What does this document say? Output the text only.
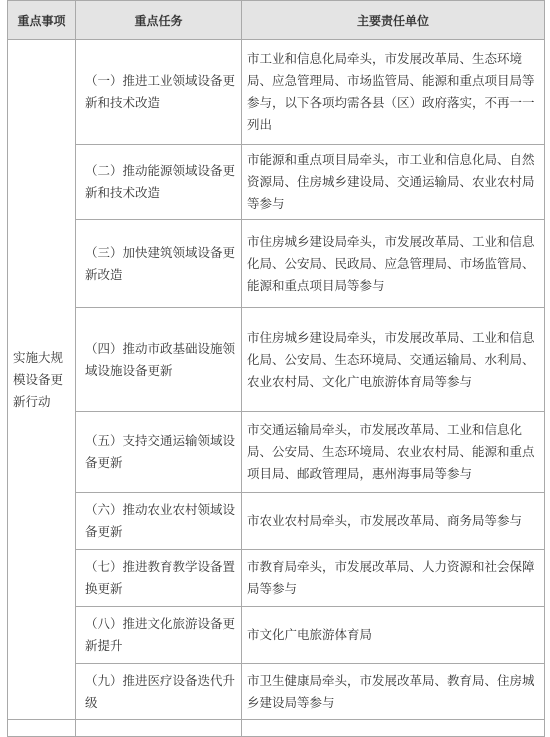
重点事项	重点任务	主要责任单位
实施大规模设备更新行动	（一）推进工业领域设备更新和技术改造	市工业和信息化局牵头，市发展改革局、生态环境局、应急管理局、市场监管局、能源和重点项目局等参与，以下各项均需各县（区）政府落实，不再一一列出
	（二）推动能源领域设备更新和技术改造	市能源和重点项目局牵头，市工业和信息化局、自然资源局、住房城乡建设局、交通运输局、农业农村局等参与
	（三）加快建筑领域设备更新改造	市住房城乡建设局牵头，市发展改革局、工业和信息化局、公安局、民政局、应急管理局、市场监管局、能源和重点项目局等参与
	（四）推动市政基础设施领域设施设备更新	市住房城乡建设局牵头，市发展改革局、工业和信息化局、公安局、生态环境局、交通运输局、水利局、农业农村局、文化广电旅游体育局等参与
	（五）支持交通运输领域设备更新	市交通运输局牵头，市发展改革局、工业和信息化局、公安局、生态环境局、农业农村局、能源和重点项目局、邮政管理局，惠州海事局等参与
	（六）推动农业农村领域设备更新	市农业农村局牵头，市发展改革局、商务局等参与
	（七）推进教育教学设备置换更新	市教育局牵头，市发展改革局、人力资源和社会保障局等参与
	（八）推进文化旅游设备更新提升	市文化广电旅游体育局
	（九）推进医疗设备迭代升级	市卫生健康局牵头，市发展改革局、教育局、住房城乡建设局等参与
